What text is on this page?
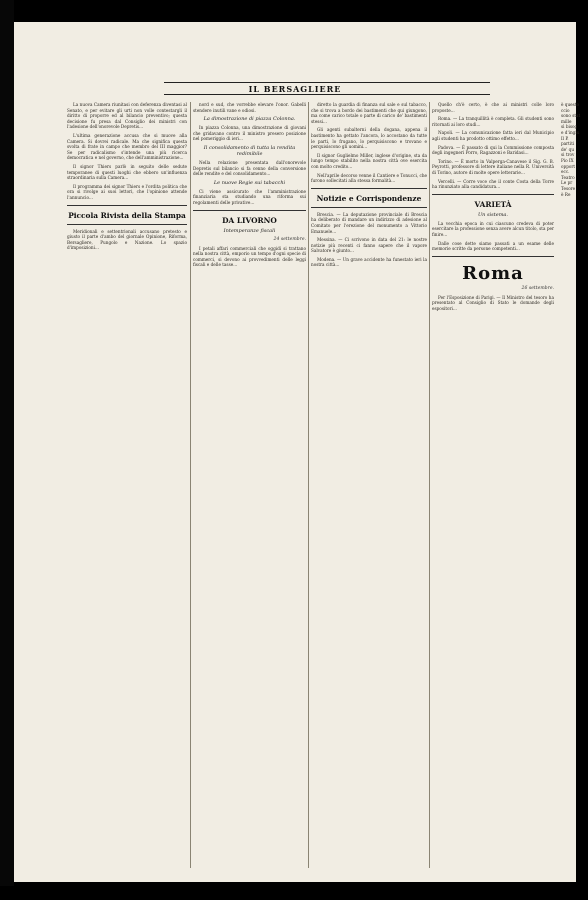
IL BERSAGLIERE

La nuova Camera riunitasi con deferenza diventasi al Senato, e per evitare gli urti non volle contestargli il diritto di proporre ed al bilancio preventivo; questa decisione fu presa dal Consiglio dei ministri con l'adesione dell'onorevole Depretis...

L'ultima generazione accusa che si muove alla Camera. Si dovrei radicale. Ma che significa questa svolta di frate in campo che membro del III maggior? Se per radicalismo s'intende una più ricerca democratica e nel governo, che dell'amministrazione...

Il signor Thiers parlò in seguito delle sedute temporanee di questi luoghi che ebbero un'influenza straordinaria sulla Camera...

Il programma dei signor Thiers e l'ordita politica che ora si rivolge ai suoi lettori, che l'opinione attende l'annuncio...

Piccola Rivista della Stampa

Meridionali e settentrionali accusano pretesto e giusto il parte d'ambo del giornale Opinione, Riforma, Bersagliere, Pungolo e Nazione. Lo spazio d'imposizioni...

nord e sud, che vorrebbe elevare l'onor. Gabelli stendere inutili vane e odiosi.

La dimostrazione di piazza Colonna.

In piazza Colonna, una dimostrazione di giovani che gridavano contro il ministro presero posizione nel pomeriggio di ieri...

Il consolidamento di tutta la rendita redimibile

Nella relazione presentata dall'onorevole Depretis sul bilancio si fa cenno della conversione delle rendite e del consolidamento...

Le nuove Regie sui tabacchi

Ci viene assicurato che l'amministrazione finanziaria sta studiando una riforma sui regolamenti delle privative...

DA LIVORNO
Intemperanze fiscali
24 settembre.

I petali affari commerciali che oggidì si trattano nella nostra città, emporio un tempo d'ogni specie di commerci, si devono ai provvedimenti delle leggi fiscali e delle tasse...

diretto la guardia di finanza sul sale e sul tabacco, che si trova a bordo dei bastimenti che qui giungono, ma come carico totale o parte di carico de' bastimenti stessi...

Gli agenti subalterni della dogana, appena il bastimento ha gettato l'ancora, lo accostano da tutte le parti, lo frugano, lo perquisiscono e trovano e perquisiscono gli uomini...

Il signor Guglielmo Miller, inglese d'origine, sta da lungo tempo stabilito nella nostra città ove esercita con molto credito...

Nell'aprile decorso venne il Cantiere e Tonucci, che furono sollecitati alla stessa formalità...

Notizie e Corrispondenze

Brescia. — La deputazione provinciale di Brescia ha deliberato di mandare un indirizzo di adesione al Comitato per l'erezione del monumento a Vittorio Emanuele...

Messina. — Ci scrivono in data del 21: le nostre notizie più recenti ci fanno sapere che il vapore Salvatore è giunto...

Modena. — Un grave accidente ha funestato ieri la nostra città...

Quello ch'è certo, è che ai ministri colle loro proposte...

Roma. — La tranquillità è completa. Gli studenti sono ritornati ai loro studi...

Napoli. — La comunicazione fatta ieri dal Municipio agli studenti ha prodotto ottimo effetto...

Padova. — È passato di qui la Commissione composta degli ingegneri Porro, Ragazzoni e Baridasi...

Torino. — È morto in Valperga-Canavese il Sig. G. B. Peyrotti, professore di lettere italiane nella R. Università di Torino, autore di molte opere letterarie...

Vercelli. — Corre voce che il conte Costa della Torre ha rinunziato alla candidatura...

VARIETÀ
Un sistema.

La vecchia epoca in cui ciascuno credeva di poter esercitare la professione senza avere alcun titolo, sta per finire...

Dalle cose dette siamo passati a un esame delle memorie scritte da persone competenti...

Roma
26 settembre.

Per l'Esposizione di Parigi. — Il Ministro del tesoro ha presentato al Consiglio di Stato le domande degli espositori...

è questo
ccio
sono stat
mille
sì bisog
e d'ingiu
Il P.
partiti
de' qu
si trov
Pio IX
opport
ecc.
Teatro
Le pr
Tesore
è Re
